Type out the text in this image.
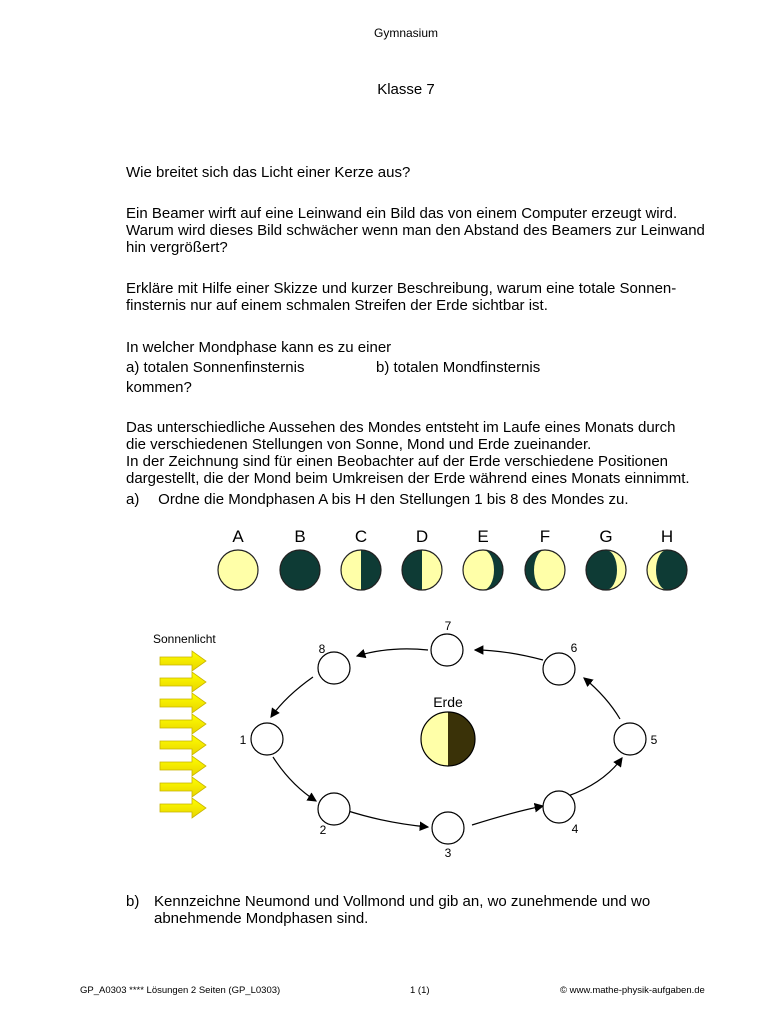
Gymnasium
Klasse 7

Wie breitet sich das Licht einer Kerze aus?

Ein Beamer wirft auf eine Leinwand ein Bild das von einem Computer erzeugt wird.

Warum wird dieses Bild schwächer wenn man den Abstand des Beamers zur Leinwand

hin vergrößert?

Erkläre mit Hilfe einer Skizze und kurzer Beschreibung, warum eine totale Sonnen-

finsternis nur auf einem schmalen Streifen der Erde sichtbar ist.

In welcher Mondphase kann es zu einer

a) totalen Sonnenfinsternis	b) totalen Mondfinsternis

kommen?

Das unterschiedliche Aussehen des Mondes entsteht im Laufe eines Monats durch

die verschiedenen Stellungen von Sonne, Mond und Erde zueinander.

In der Zeichnung sind für einen Beobachter auf der Erde verschiedene Positionen

dargestellt, die der Mond beim Umkreisen der Erde während eines Monats einnimmt.

a) Ordne die Mondphasen A bis H den Stellungen 1 bis 8 des Mondes zu.
A	B	C	D	E	F	G	H
Sonnenlicht
1
2
3
4
5
6
7
8
Erde
b) Kennzeichne Neumond und Vollmond und gib an, wo zunehmende und wo abnehmende Mondphasen sind.
GP_A0303 **** Lösungen 2 Seiten (GP_L0303)	1 (1)	© www.mathe-physik-aufgaben.de
